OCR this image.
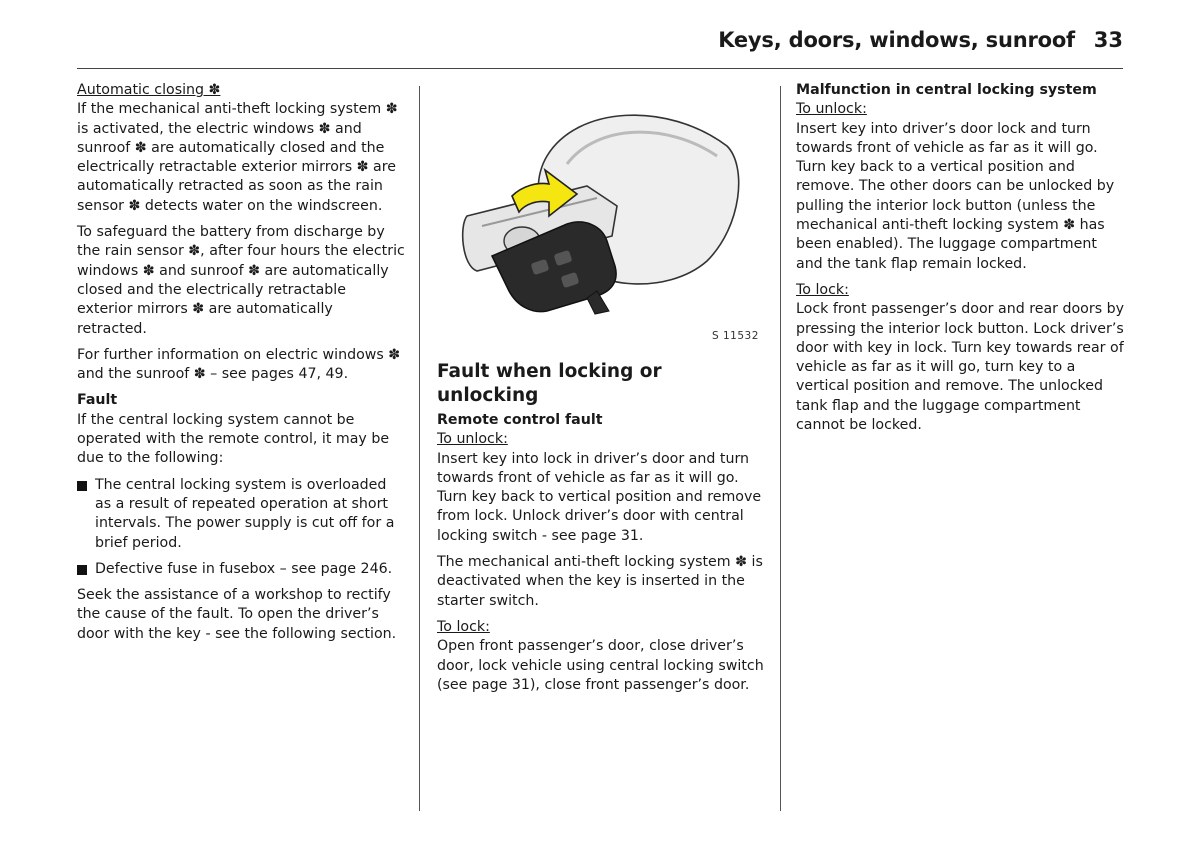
Keys, doors, windows, sunroof 33

Automatic closing ✽
If the mechanical anti-theft locking system ✽ is activated, the electric windows ✽ and sunroof ✽ are automatically closed and the electrically retractable exterior mirrors ✽ are automatically retracted as soon as the rain sensor ✽ detects water on the windscreen.

To safeguard the battery from discharge by the rain sensor ✽, after four hours the electric windows ✽ and sunroof ✽ are automatically closed and the electrically retractable exterior mirrors ✽ are automatically retracted.

For further information on electric windows ✽ and the sunroof ✽ – see pages 47, 49.

Fault
If the central locking system cannot be operated with the remote control, it may be due to the following:

The central locking system is overloaded as a result of repeated operation at short intervals. The power supply is cut off for a brief period.
Defective fuse in fusebox – see page 246.

Seek the assistance of a workshop to rectify the cause of the fault. To open the driver’s door with the key - see the following section.

S 11532
Fault when locking or unlocking
Remote control fault

To unlock:
Insert key into lock in driver’s door and turn towards front of vehicle as far as it will go. Turn key back to vertical position and remove from lock. Unlock driver’s door with central locking switch - see page 31.

The mechanical anti-theft locking system ✽ is deactivated when the key is inserted in the starter switch.

To lock:
Open front passenger’s door, close driver’s door, lock vehicle using central locking switch (see page 31), close front passenger’s door.

Malfunction in central locking system
To unlock:
Insert key into driver’s door lock and turn towards front of vehicle as far as it will go. Turn key back to a vertical position and remove. The other doors can be unlocked by pulling the interior lock button (unless the mechanical anti-theft locking system ✽ has been enabled). The luggage compartment and the tank flap remain locked.

To lock:
Lock front passenger’s door and rear doors by pressing the interior lock button. Lock driver’s door with key in lock. Turn key towards rear of vehicle as far as it will go, turn key to a vertical position and remove. The unlocked tank flap and the luggage compartment cannot be locked.
